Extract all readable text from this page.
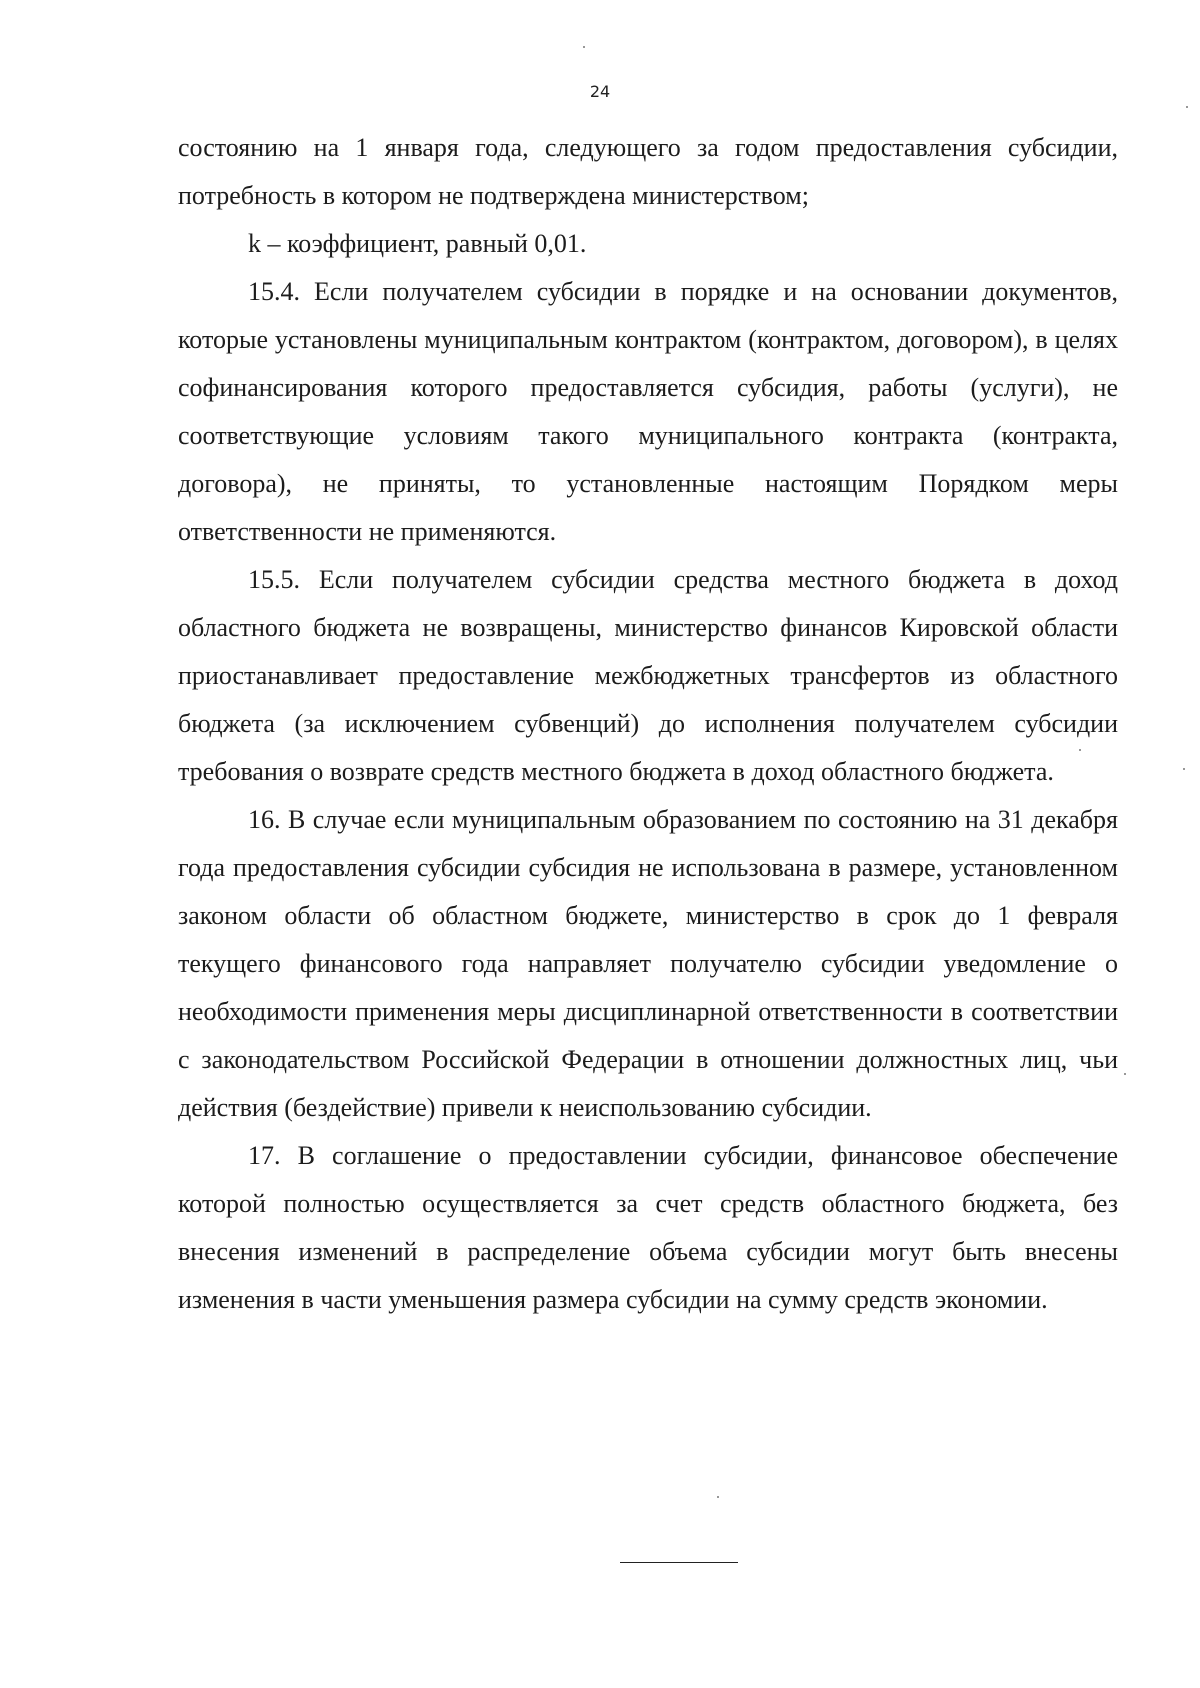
24

состоянию на 1 января года, следующего за годом предоставления субсидии, потребность в котором не подтверждена министерством;

k – коэффициент, равный 0,01.

15.4. Если получателем субсидии в порядке и на основании документов, которые установлены муниципальным контрактом (контрактом, договором), в целях софинансирования которого предоставляется субсидия, работы (услуги), не соответствующие условиям такого муниципального контракта (контракта, договора), не приняты, то установленные настоящим Порядком меры ответственности не применяются.

15.5. Если получателем субсидии средства местного бюджета в доход областного бюджета не возвращены, министерство финансов Кировской области приостанавливает предоставление межбюджетных трансфертов из областного бюджета (за исключением субвенций) до исполнения получателем субсидии требования о возврате средств местного бюджета в доход областного бюджета.

16. В случае если муниципальным образованием по состоянию на 31 декабря года предоставления субсидии субсидия не использована в размере, установленном законом области об областном бюджете, министерство в срок до 1 февраля текущего финансового года направляет получателю субсидии уведомление о необходимости применения меры дисциплинарной ответственности в соответствии с законодательством Российской Федерации в отношении должностных лиц, чьи действия (бездействие) привели к неиспользованию субсидии.

17. В соглашение о предоставлении субсидии, финансовое обеспечение которой полностью осуществляется за счет средств областного бюджета, без внесения изменений в распределение объема субсидии могут быть внесены изменения в части уменьшения размера субсидии на сумму средств экономии.
